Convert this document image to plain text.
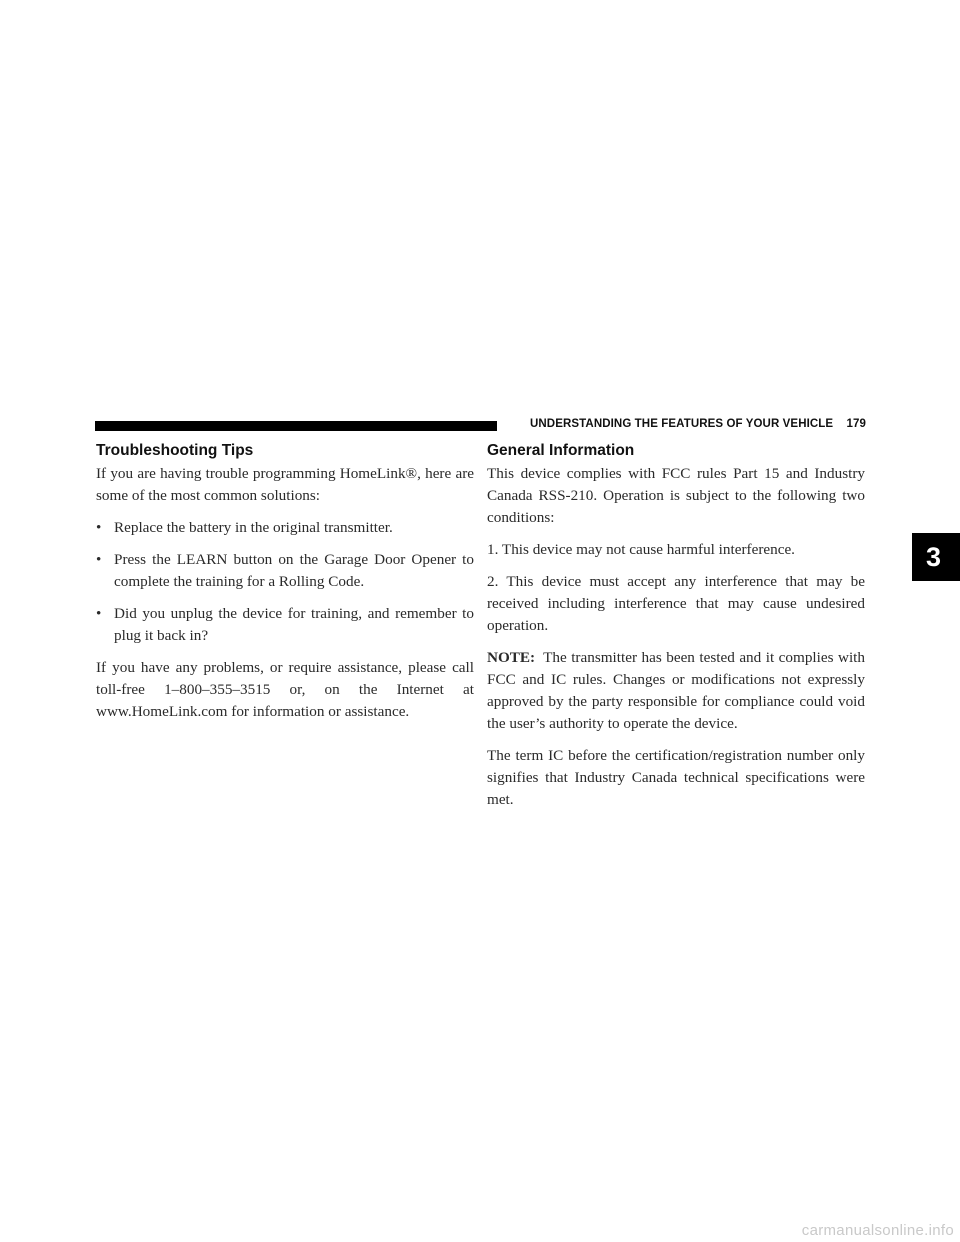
UNDERSTANDING THE FEATURES OF YOUR VEHICLE 179
Troubleshooting Tips

If you are having trouble programming HomeLink®, here are some of the most common solutions:

• Replace the battery in the original transmitter.
• Press the LEARN button on the Garage Door Opener to complete the training for a Rolling Code.
• Did you unplug the device for training, and remember to plug it back in?

If you have any problems, or require assistance, please call toll-free 1–800–355–3515 or, on the Internet at www.HomeLink.com for information or assistance.

General Information

This device complies with FCC rules Part 15 and Industry Canada RSS-210. Operation is subject to the following two conditions:

1. This device may not cause harmful interference.

2. This device must accept any interference that may be received including interference that may cause undesired operation.

NOTE: The transmitter has been tested and it complies with FCC and IC rules. Changes or modifications not expressly approved by the party responsible for compliance could void the user’s authority to operate the device.

The term IC before the certification/registration number only signifies that Industry Canada technical specifications were met.

3
carmanualsonline.info
